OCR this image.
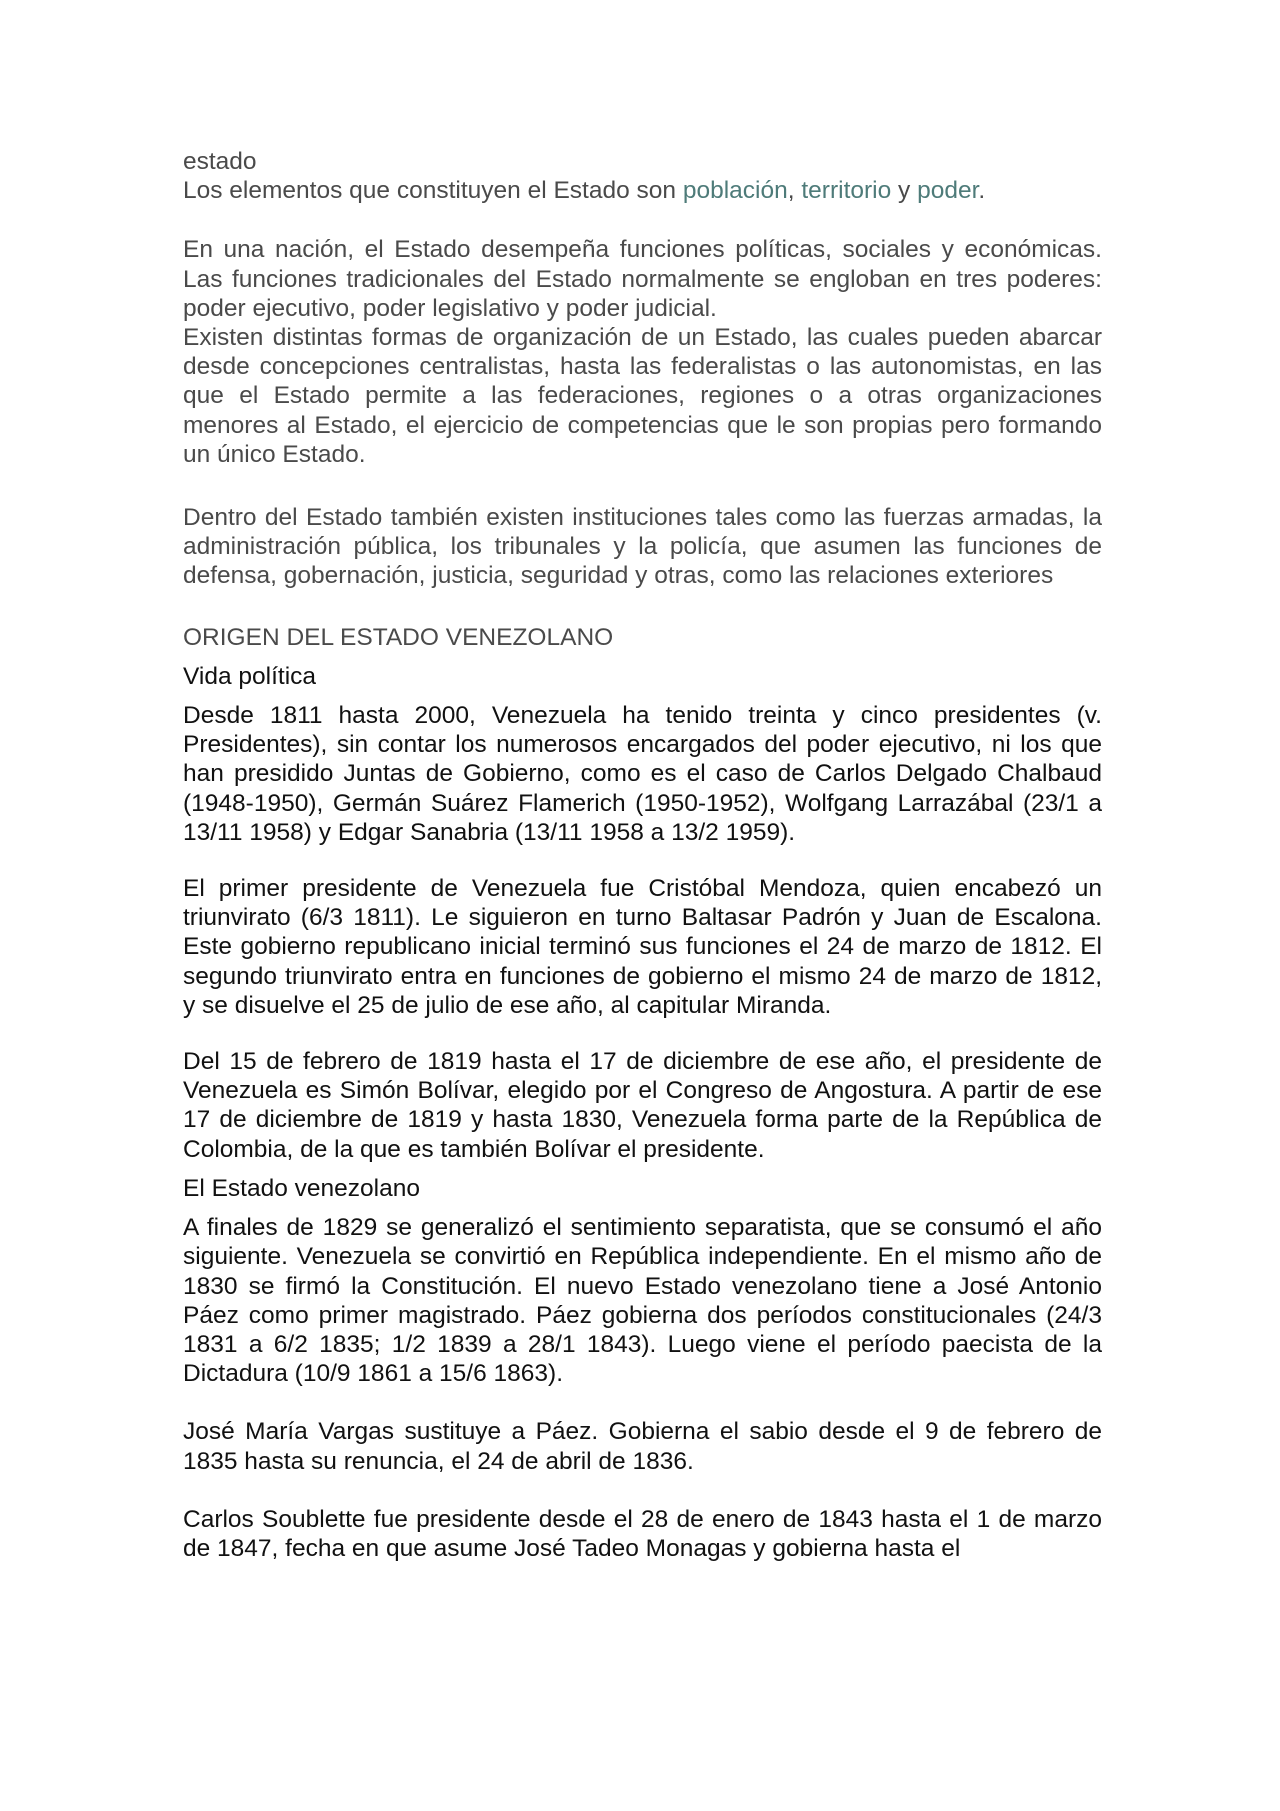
estado

Los elementos que constituyen el Estado son población, territorio y poder.

En una nación, el Estado desempeña funciones políticas, sociales y económicas. Las funciones tradicionales del Estado normalmente se engloban en tres poderes: poder ejecutivo, poder legislativo y poder judicial.

Existen distintas formas de organización de un Estado, las cuales pueden abarcar desde concepciones centralistas, hasta las federalistas o las autonomistas, en las que el Estado permite a las federaciones, regiones o a otras organizaciones menores al Estado, el ejercicio de competencias que le son propias pero formando un único Estado.

Dentro del Estado también existen instituciones tales como las fuerzas armadas, la administración pública, los tribunales y la policía, que asumen las funciones de defensa, gobernación, justicia, seguridad y otras, como las relaciones exteriores

ORIGEN DEL ESTADO VENEZOLANO

Vida política

Desde 1811 hasta 2000, Venezuela ha tenido treinta y cinco presidentes (v. Presidentes), sin contar los numerosos encargados del poder ejecutivo, ni los que han presidido Juntas de Gobierno, como es el caso de Carlos Delgado Chalbaud (1948-1950), Germán Suárez Flamerich (1950-1952), Wolfgang Larrazábal (23/1 a 13/11 1958) y Edgar Sanabria (13/11 1958 a 13/2 1959).

El primer presidente de Venezuela fue Cristóbal Mendoza, quien encabezó un triunvirato (6/3 1811). Le siguieron en turno Baltasar Padrón y Juan de Escalona. Este gobierno republicano inicial terminó sus funciones el 24 de marzo de 1812. El segundo triunvirato entra en funciones de gobierno el mismo 24 de marzo de 1812, y se disuelve el 25 de julio de ese año, al capitular Miranda.

Del 15 de febrero de 1819 hasta el 17 de diciembre de ese año, el presidente de Venezuela es Simón Bolívar, elegido por el Congreso de Angostura. A partir de ese 17 de diciembre de 1819 y hasta 1830, Venezuela forma parte de la República de Colombia, de la que es también Bolívar el presidente.

El Estado venezolano

A finales de 1829 se generalizó el sentimiento separatista, que se consumó el año siguiente. Venezuela se convirtió en República independiente. En el mismo año de 1830 se firmó la Constitución. El nuevo Estado venezolano tiene a José Antonio Páez como primer magistrado. Páez gobierna dos períodos constitucionales (24/3 1831 a 6/2 1835; 1/2 1839 a 28/1 1843). Luego viene el período paecista de la Dictadura (10/9 1861 a 15/6 1863).

José María Vargas sustituye a Páez. Gobierna el sabio desde el 9 de febrero de 1835 hasta su renuncia, el 24 de abril de 1836.

Carlos Soublette fue presidente desde el 28 de enero de 1843 hasta el 1 de marzo de 1847, fecha en que asume José Tadeo Monagas y gobierna hasta el
